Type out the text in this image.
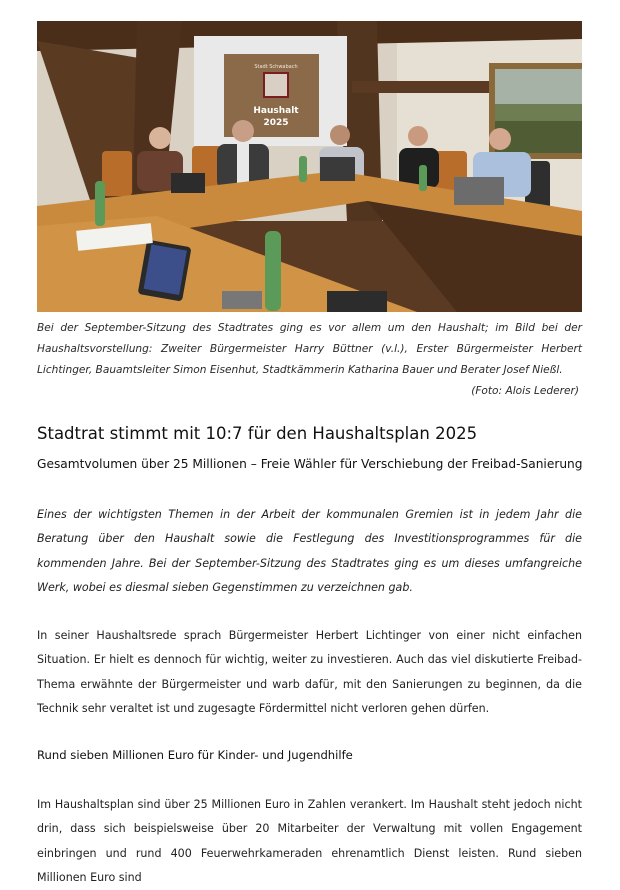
Stadt Schwabach
Haushalt
2025
Bei der September-Sitzung des Stadtrates ging es vor allem um den Haushalt; im Bild bei der Haushaltsvorstellung: Zweiter Bürgermeister Harry Büttner (v.l.), Erster Bürgermeister Herbert Lichtinger, Bauamtsleiter Simon Eisenhut, Stadtkämmerin Katharina Bauer und Berater Josef Nießl.
(Foto: Alois Lederer)
Stadtrat stimmt mit 10:7 für den Haushaltsplan 2025
Gesamtvolumen über 25 Millionen – Freie Wähler für Verschiebung der Freibad-Sanierung
Eines der wichtigsten Themen in der Arbeit der kommunalen Gremien ist in jedem Jahr die Beratung über den Haushalt sowie die Festlegung des Investitionsprogrammes für die kommenden Jahre. Bei der September-Sitzung des Stadtrates ging es um dieses umfangreiche Werk, wobei es diesmal sieben Gegenstimmen zu verzeichnen gab.
In seiner Haushaltsrede sprach Bürgermeister Herbert Lichtinger von einer nicht einfachen Situation. Er hielt es dennoch für wichtig, weiter zu investieren. Auch das viel diskutierte Freibad-Thema erwähnte der Bürgermeister und warb dafür, mit den Sanierungen zu beginnen, da die Technik sehr veraltet ist und zugesagte Fördermittel nicht verloren gehen dürfen.
Rund sieben Millionen Euro für Kinder- und Jugendhilfe
Im Haushaltsplan sind über 25 Millionen Euro in Zahlen verankert. Im Haushalt steht jedoch nicht drin, dass sich beispielsweise über 20 Mitarbeiter der Verwaltung mit vollen Engagement einbringen und rund 400 Feuerwehrkameraden ehrenamtlich Dienst leisten. Rund sieben Millionen Euro sind
